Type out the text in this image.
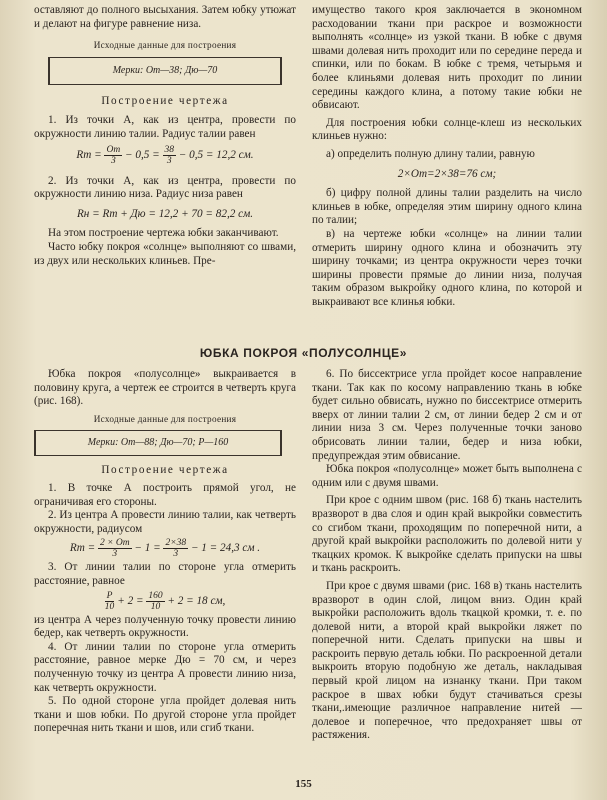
оставляют до полного высыхания. Затем юбку утюжат и делают на фигуре равнение низа.

Исходные данные для построения

Мерки: От—38; Дю—70

Построение чертежа

1. Из точки А, как из центра, провести по окружности линию талии. Радиус талии равен

Rт = $\frac{От}{3} - 0,5 = \frac{38}{3} - 0,5 = 12,2$ см.

2. Из точки А, как из центра, провести по окружности линию низа. Радиус низа равен

Rн = Rт + Дю = 12,2 + 70 = 82,2 см.

На этом построение чертежа юбки заканчивают.

Часто юбку покроя «солнце» выполняют со швами, из двух или нескольких клиньев. Пре-

имущество такого кроя заключается в экономном расходовании ткани при раскрое и возможности выполнять «солнце» из узкой ткани. В юбке с двумя швами долевая нить проходит или по середине переда и спинки, или по бокам. В юбке с тремя, четырьмя и более клиньями долевая нить проходит по линии середины каждого клина, а потому такие юбки не обвисают.

Для построения юбки солнце-клеш из нескольких клиньев нужно:

а) определить полную длину талии, равную

2×От=2×38=76 см;

б) цифру полной длины талии разделить на число клиньев в юбке, определяя этим ширину одного клина по талии;

в) на чертеже юбки «солнце» на линии талии отмерить ширину одного клина и обозначить эту ширину точками; из центра окружности через точки ширины провести прямые до линии низа, получая таким образом выкройку одного клина, по которой и выкраивают все клинья юбки.

ЮБКА ПОКРОЯ «ПОЛУСОЛНЦЕ»

Юбка покроя «полусолнце» выкраивается в половину круга, а чертеж ее строится в четверть круга (рис. 168).

Исходные данные для построения

Мерки: От—88; Дю—70; Р—160

Построение чертежа

1. В точке А построить прямой угол, не ограничивая его стороны.

2. Из центра А провести линию талии, как четверть окружности, радиусом

Rт = $\frac{2 \times От}{3} - 1 = \frac{2\times 38}{3} - 1 = 24,3$ см .

3. От линии талии по стороне угла отмерить расстояние, равное

$\frac{Р}{10} + 2 = \frac{160}{10} + 2 = 18$ см,

из центра А через полученную точку провести линию бедер, как четверть окружности.

4. От линии талии по стороне угла отмерить расстояние, равное мерке Дю = 70 см, и через полученную точку из центра А провести линию низа, как четверть окружности.

5. По одной стороне угла пройдет долевая нить ткани и шов юбки. По другой стороне угла пройдет поперечная нить ткани и шов, или сгиб ткани.

6. По биссектрисе угла пройдет косое направление ткани. Так как по косому направлению ткань в юбке будет сильно обвисать, нужно по биссектрисе отмерить вверх от линии талии 2 см, от линии бедер 2 см и от линии низа 3 см. Через полученные точки заново обрисовать линии талии, бедер и низа юбки, предупреждая этим обвисание.

Юбка покроя «полусолнце» может быть выполнена с одним или с двумя швами.

При крое с одним швом (рис. 168 б) ткань настелить вразворот в два слоя и один край выкройки совместить со сгибом ткани, проходящим по поперечной нити, а другой край выкройки расположить по долевой нити у ткацких кромок. К выкройке сделать припуски на швы и ткань раскроить.

При крое с двумя швами (рис. 168 в) ткань настелить вразворот в один слой, лицом вниз. Один край выкройки расположить вдоль ткацкой кромки, т. е. по долевой нити, а второй край выкройки ляжет по поперечной нити. Сделать припуски на швы и раскроить первую деталь юбки. По раскроенной детали выкроить вторую подобную же деталь, накладывая первый крой лицом на изнанку ткани. При таком раскрое в швах юбки будут стачиваться срезы ткани,.имеющие различное направление нитей — долевое и поперечное, что предохраняет швы от растяжения.

155
